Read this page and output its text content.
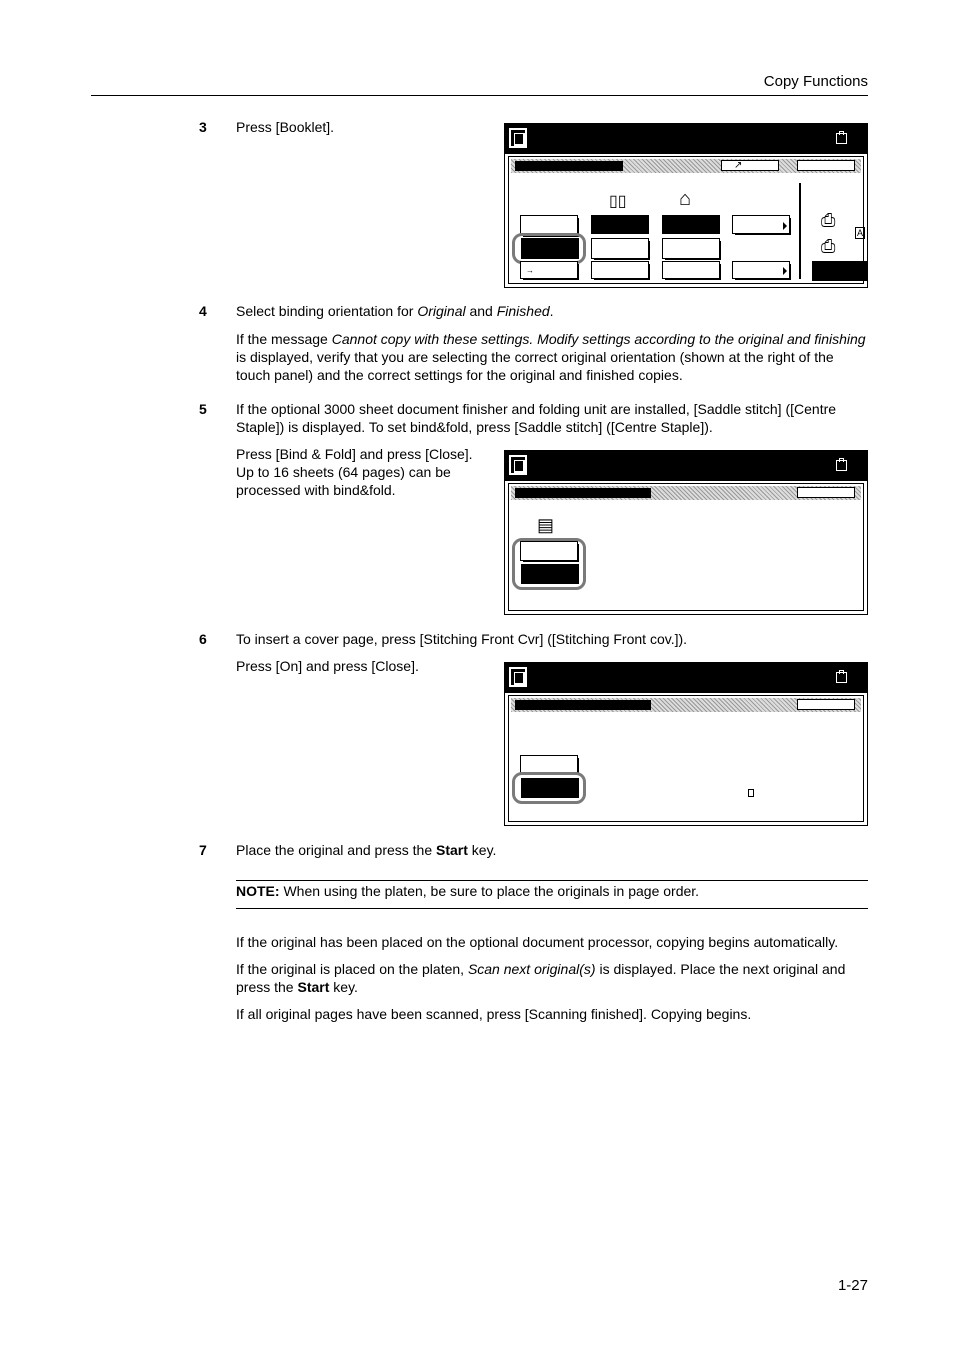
Copy Functions
3 Press [Booklet].
↗
▯▯	⌂
→
⎙
⎙
A
4 Select binding orientation for Original and Finished.

If the message Cannot copy with these settings. Modify settings according to the original and finishing is displayed, verify that you are selecting the correct original orientation (shown at the right of the touch panel) and the correct settings for the original and finished copies.

5 If the optional 3000 sheet document finisher and folding unit are installed, [Saddle stitch] ([Centre Staple]) is displayed. To set bind&fold, press [Saddle stitch] ([Centre Staple]).

Press [Bind & Fold] and press [Close].

Up to 16 sheets (64 pages) can be

processed with bind&fold.

▤
6 To insert a cover page, press [Stitching Front Cvr] ([Stitching Front cov.]).
Press [On] and press [Close].
7 Place the original and press the Start key.
NOTE: When using the platen, be sure to place the originals in page order.
If the original has been placed on the optional document processor, copying begins automatically.
If the original is placed on the platen, Scan next original(s) is displayed. Place the next original and press the Start key.
If all original pages have been scanned, press [Scanning finished]. Copying begins.
1-27
